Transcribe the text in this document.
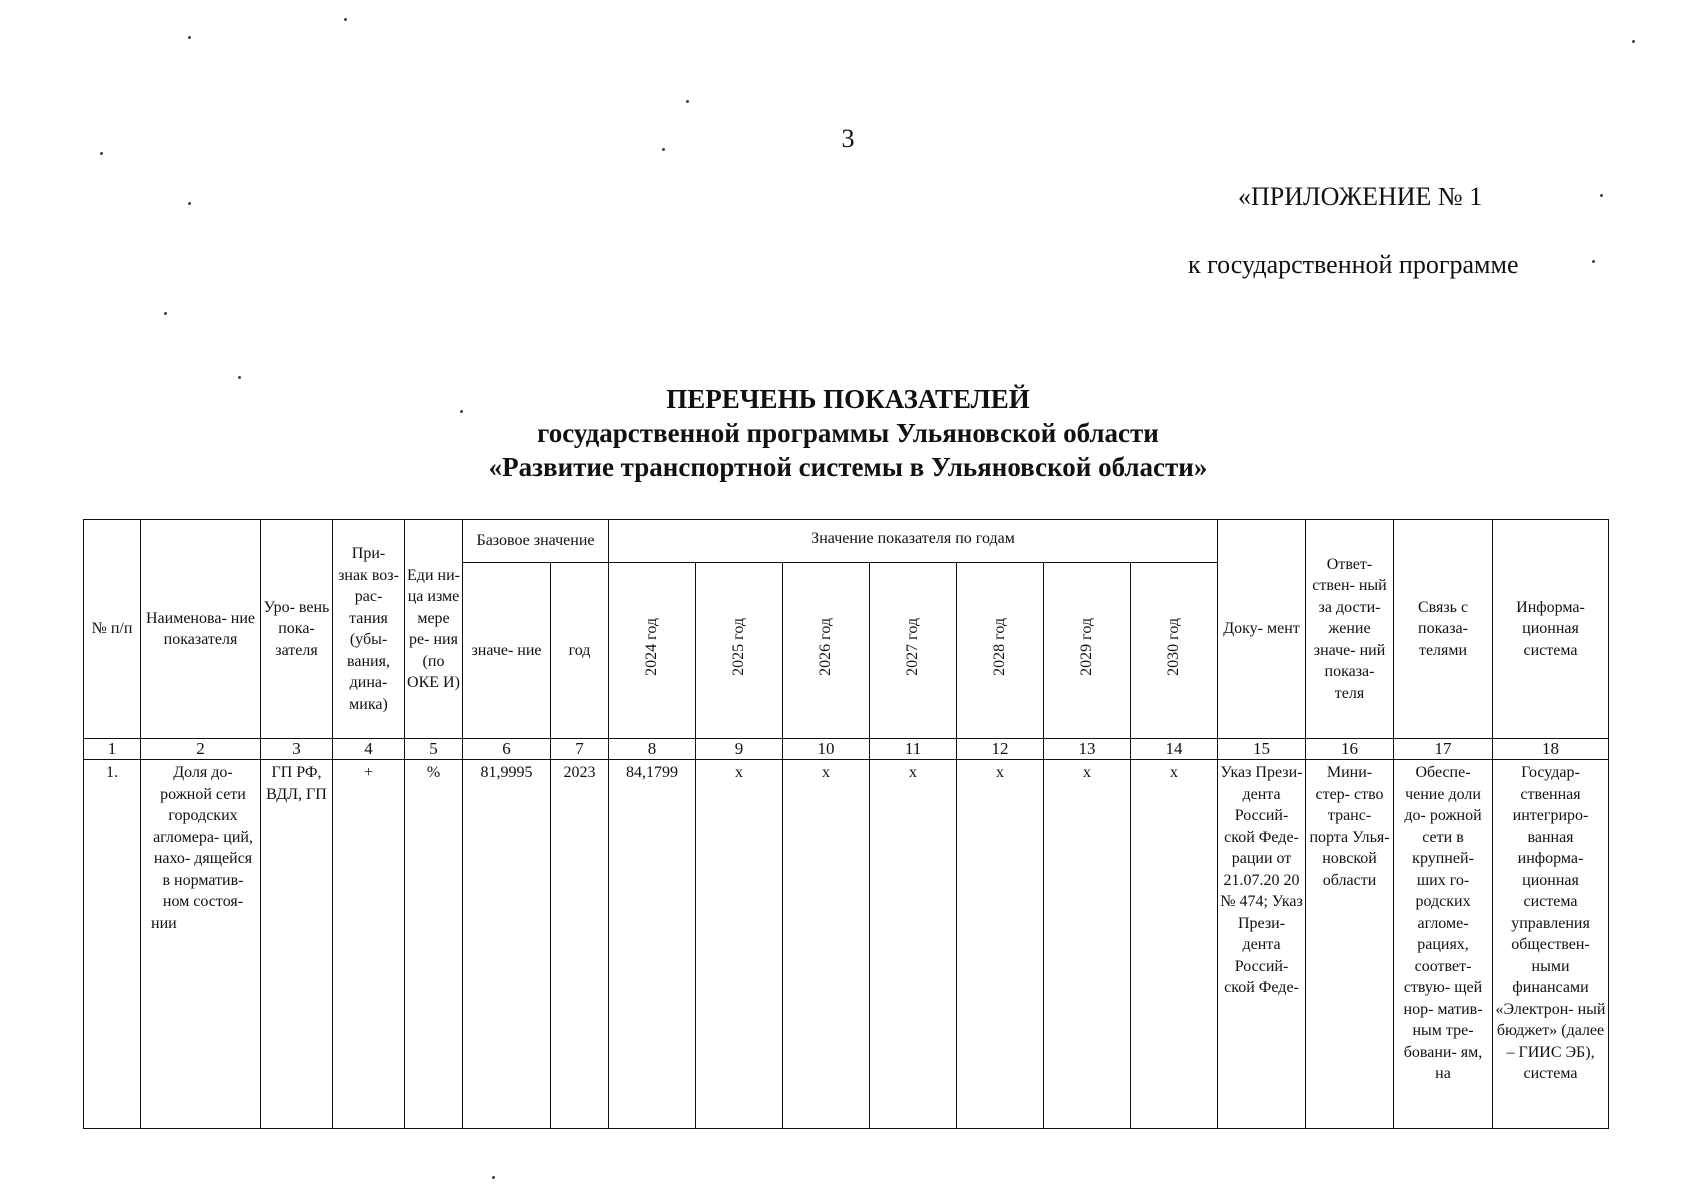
3
«ПРИЛОЖЕНИЕ № 1
к государственной программе
ПЕРЕЧЕНЬ ПОКАЗАТЕЛЕЙ
государственной программы Ульяновской области
«Развитие транспортной системы в Ульяновской области»
№ п/п	Наименова- ние показателя	Уро- вень пока- зателя	При- знак воз- рас- тания (убы- вания, дина- мика)	Еди ни- ца изме мере ре- ния (по ОКЕ И)	Базовое значение		Значение показателя по годам							Доку- мент	Ответ- ствен- ный за дости- жение значе- ний показа- теля	Связь с показа- телями	Информа- ционная система
					значе- ние	год	2024 год	2025 год	2026 год	2027 год	2028 год	2029 год	2030 год				
1	2	3	4	5	6	7	8	9	10	11	12	13	14	15	16	17	18
1.	Доля до- рожной сети городских агломера- ций, нахо- дящейся в норматив- ном состоя- нии	ГП РФ, ВДЛ, ГП	+	%	81,9995	2023	84,1799	x	x	x	x	x	x	Указ Прези- дента Россий- ской Феде- рации от 21.07.20 20 № 474; Указ Прези- дента Россий- ской Феде-	Мини- стер- ство транс- порта Улья- новской области	Обеспе- чение доли до- рожной сети в крупней- ших го- родских агломе- рациях, соответ- ствую- щей нор- матив- ным тре- бовани- ям, на	Государ- ственная интегриро- ванная информа- ционная система управления обществен- ными финансами «Электрон- ный бюджет» (далее – ГИИС ЭБ), система
